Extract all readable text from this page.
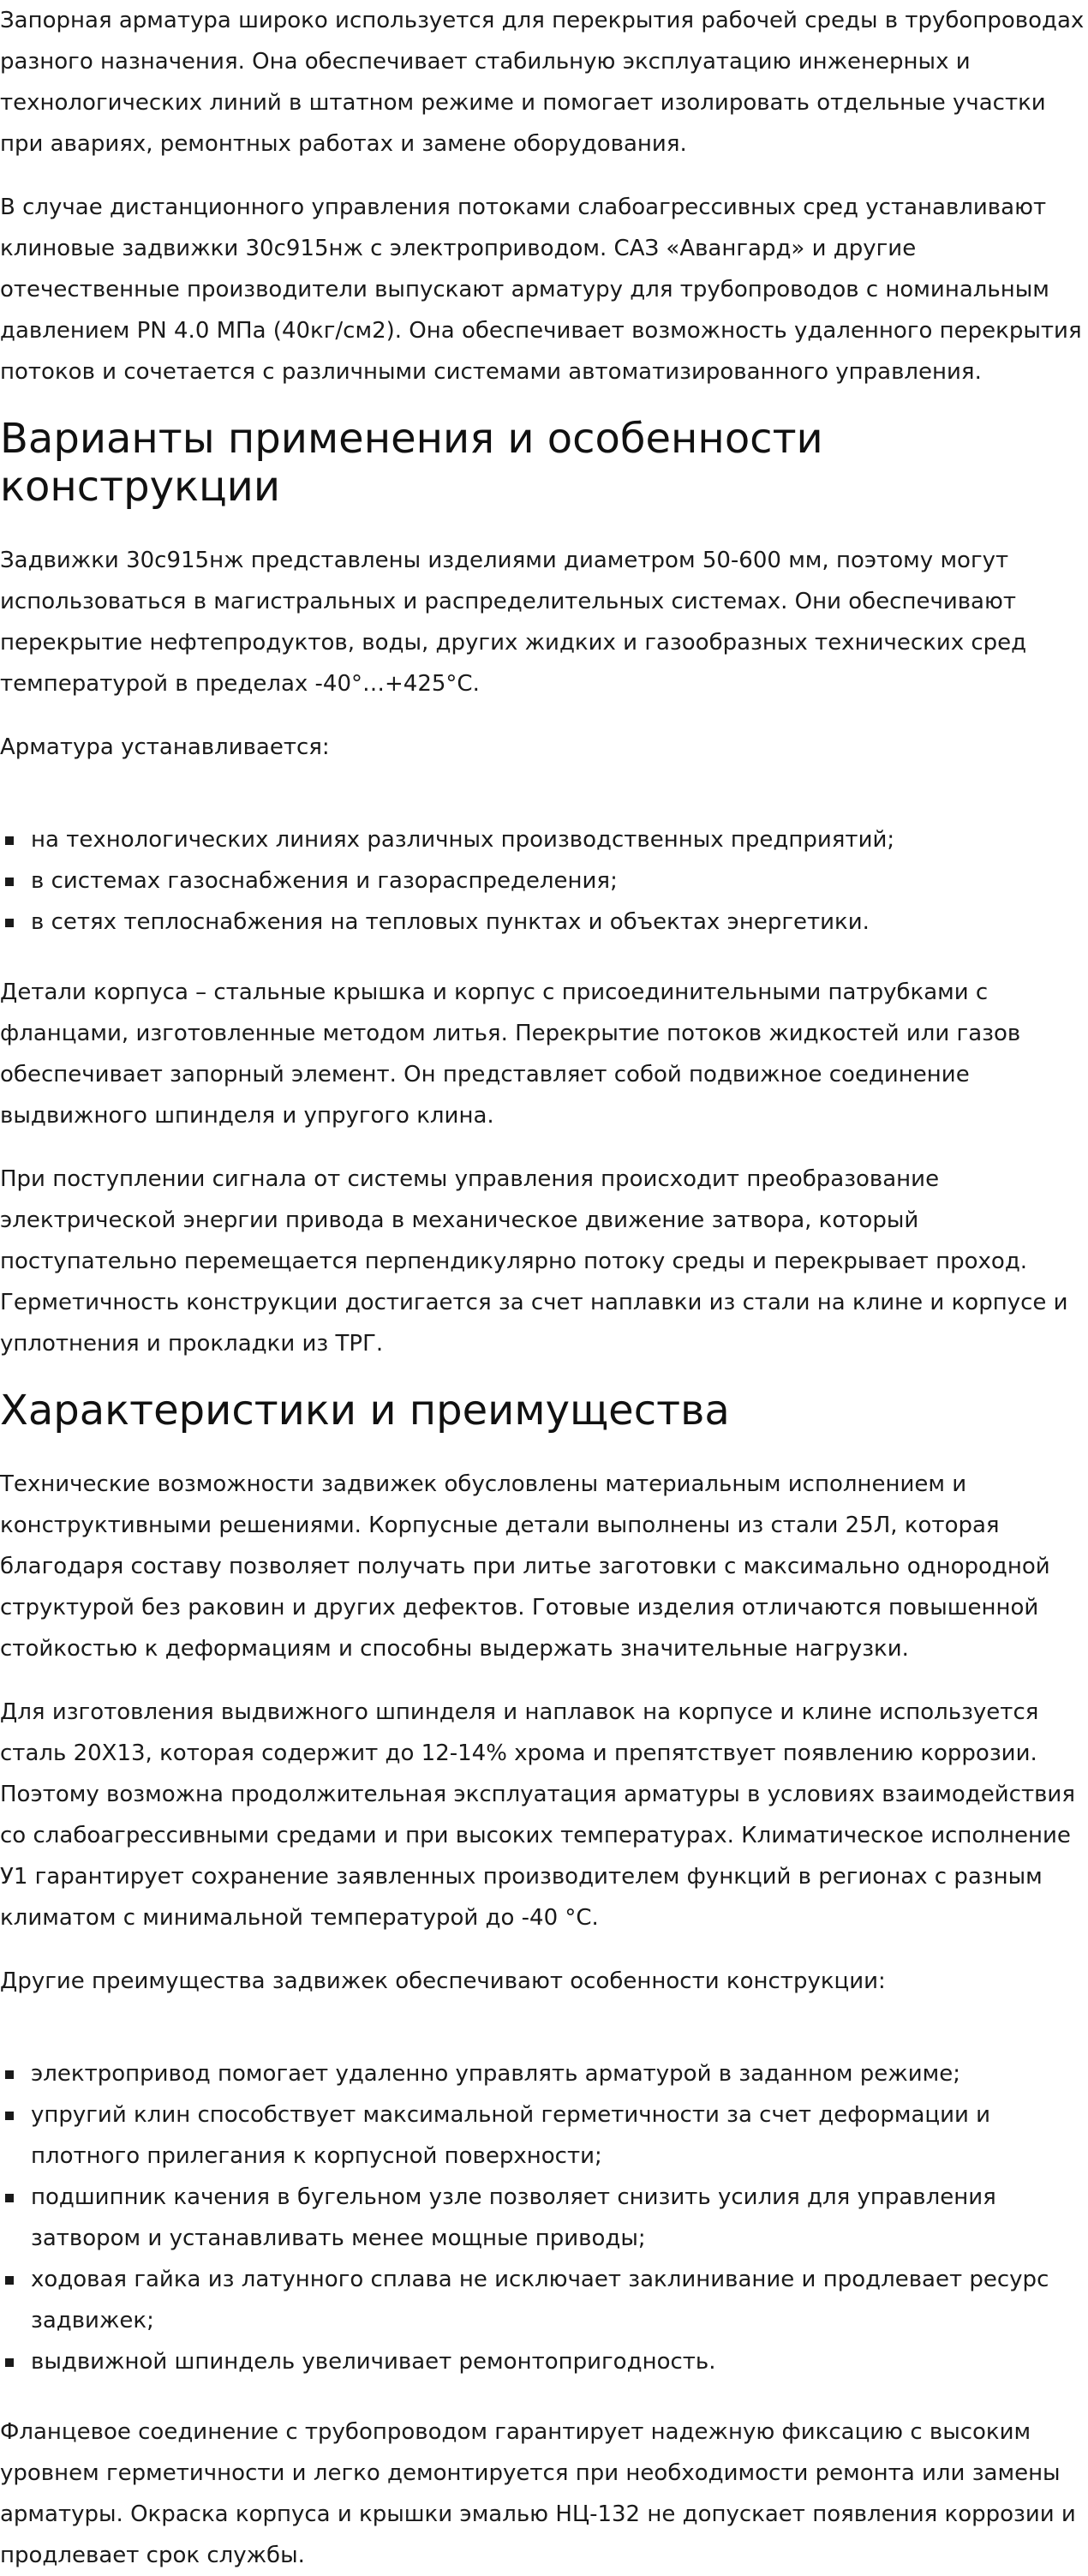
Запорная арматура широко используется для перекрытия рабочей среды в трубопроводах разного назначения. Она обеспечивает стабильную эксплуатацию инженерных и технологических линий в штатном режиме и помогает изолировать отдельные участки при авариях, ремонтных работах и замене оборудования.

В случае дистанционного управления потоками слабоагрессивных сред устанавливают клиновые задвижки 30с915нж с электроприводом. САЗ «Авангард» и другие отечественные производители выпускают арматуру для трубопроводов с номинальным давлением PN 4.0 МПа (40кг/см2). Она обеспечивает возможность удаленного перекрытия потоков и сочетается с различными системами автоматизированного управления.

Варианты применения и особенности конструкции

Задвижки 30с915нж представлены изделиями диаметром 50-600 мм, поэтому могут использоваться в магистральных и распределительных системах. Они обеспечивают перекрытие нефтепродуктов, воды, других жидких и газообразных технических сред температурой в пределах -40°…+425°С.

Арматура устанавливается:

на технологических линиях различных производственных предприятий;
в системах газоснабжения и газораспределения;
в сетях теплоснабжения на тепловых пунктах и объектах энергетики.

Детали корпуса – стальные крышка и корпус с присоединительными патрубками с фланцами, изготовленные методом литья. Перекрытие потоков жидкостей или газов обеспечивает запорный элемент. Он представляет собой подвижное соединение выдвижного шпинделя и упругого клина.

При поступлении сигнала от системы управления происходит преобразование электрической энергии привода в механическое движение затвора, который поступательно перемещается перпендикулярно потоку среды и перекрывает проход. Герметичность конструкции достигается за счет наплавки из стали на клине и корпусе и уплотнения и прокладки из ТРГ.

Характеристики и преимущества

Технические возможности задвижек обусловлены материальным исполнением и конструктивными решениями. Корпусные детали выполнены из стали 25Л, которая благодаря составу позволяет получать при литье заготовки с максимально однородной структурой без раковин и других дефектов. Готовые изделия отличаются повышенной стойкостью к деформациям и способны выдержать значительные нагрузки.

Для изготовления выдвижного шпинделя и наплавок на корпусе и клине используется сталь 20Х13, которая содержит до 12-14% хрома и препятствует появлению коррозии. Поэтому возможна продолжительная эксплуатация арматуры в условиях взаимодействия со слабоагрессивными средами и при высоких температурах. Климатическое исполнение У1 гарантирует сохранение заявленных производителем функций в регионах с разным климатом с минимальной температурой до -40 °С.

Другие преимущества задвижек обеспечивают особенности конструкции:

электропривод помогает удаленно управлять арматурой в заданном режиме;
упругий клин способствует максимальной герметичности за счет деформации и плотного прилегания к корпусной поверхности;
подшипник качения в бугельном узле позволяет снизить усилия для управления затвором и устанавливать менее мощные приводы;
ходовая гайка из латунного сплава не исключает заклинивание и продлевает ресурс задвижек;
выдвижной шпиндель увеличивает ремонтопригодность.

Фланцевое соединение с трубопроводом гарантирует надежную фиксацию с высоким уровнем герметичности и легко демонтируется при необходимости ремонта или замены арматуры. Окраска корпуса и крышки эмалью НЦ-132 не допускает появления коррозии и продлевает срок службы.
